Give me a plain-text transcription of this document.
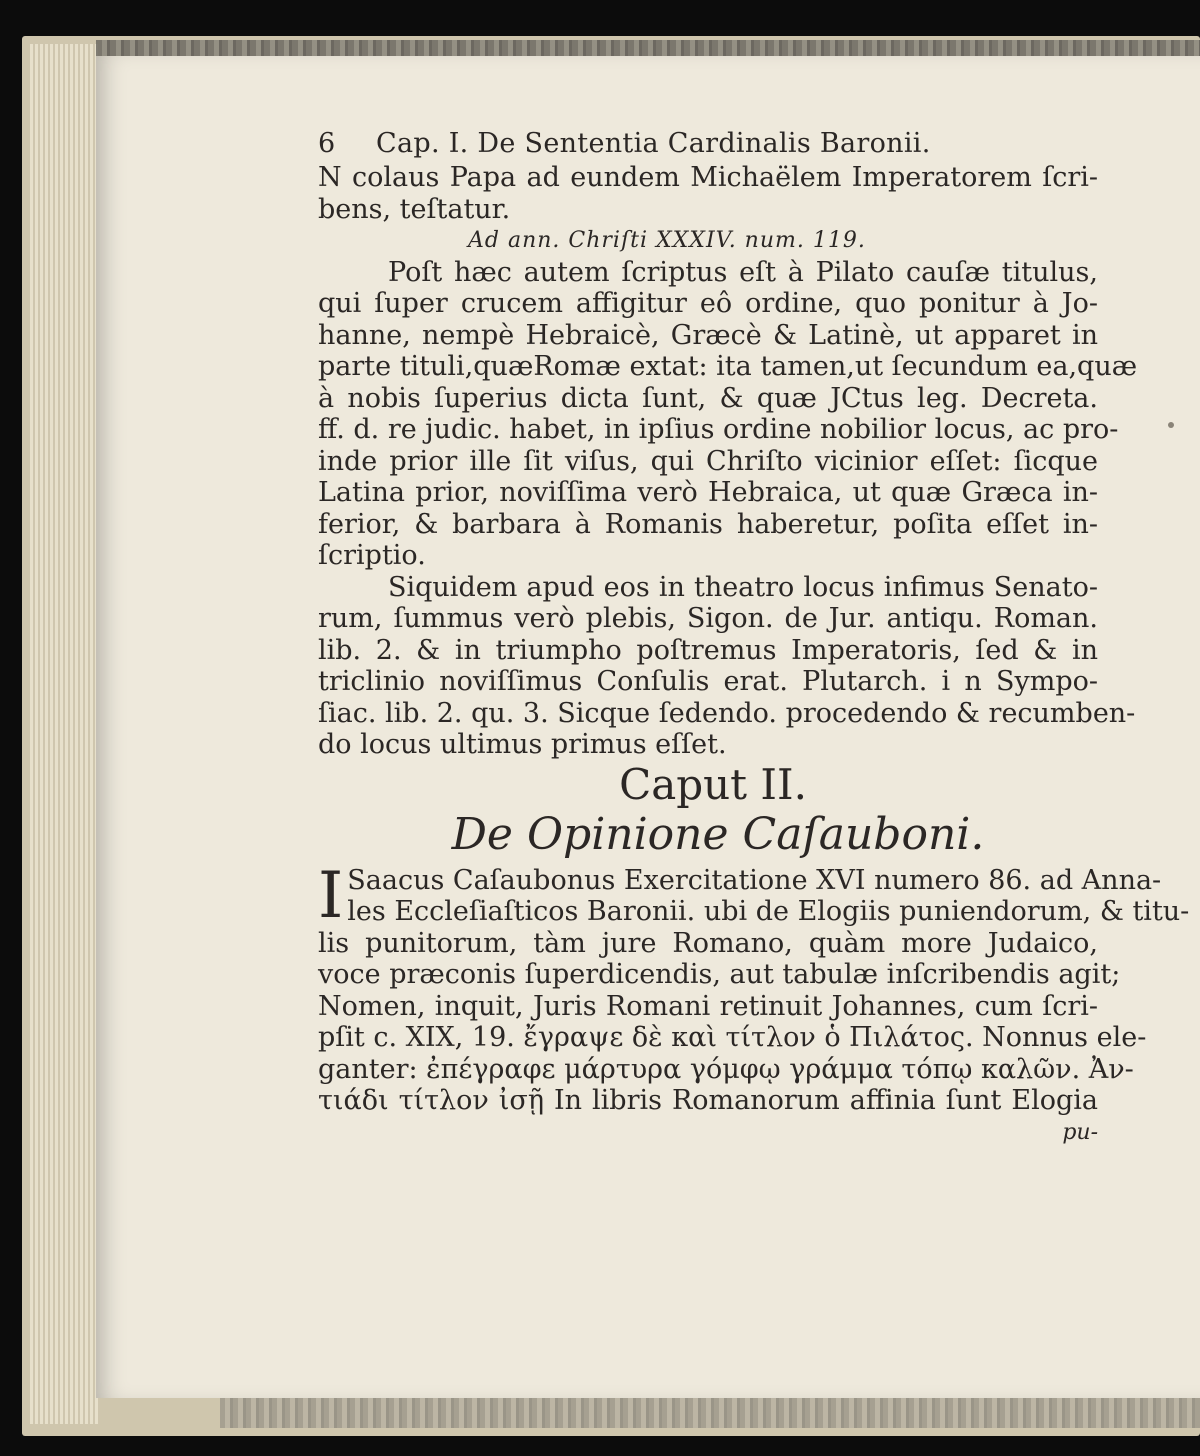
6	Cap. I. De Sententia Cardinalis Baronii.
N colaus Papa ad eundem Michaëlem Imperatorem ſcri-
bens, teſtatur.
Ad ann. Chriſti XXXIV. num. 119.
Poſt hæc autem ſcriptus eſt à Pilato cauſæ titulus,
qui ſuper crucem affigitur eô ordine, quo ponitur à Jo-
hanne, nempè Hebraicè, Græcè & Latinè, ut apparet in
parte tituli,quæRomæ extat: ita tamen,ut ſecundum ea,quæ
à nobis ſuperius dicta ſunt, & quæ JCtus leg. Decreta.
ff. d. re judic. habet, in ipſius ordine nobilior locus, ac pro-
inde prior ille ſit viſus, qui Chriſto vicinior eſſet: ſicque
Latina prior, noviſſima verò Hebraica, ut quæ Græca in-
ferior, & barbara à Romanis haberetur, poſita eſſet in-
ſcriptio.
Siquidem apud eos in theatro locus infimus Senato-
rum, ſummus verò plebis, Sigon. de Jur. antiqu. Roman.
lib. 2. & in triumpho poſtremus Imperatoris, ſed & in
triclinio noviſſimus Conſulis erat. Plutarch. i n Sympo-
ſiac. lib. 2. qu. 3. Sicque ſedendo. procedendo & recumben-
do locus ultimus primus eſſet.
Caput II.
De Opinione Caſauboni.
I Saacus Caſaubonus Exercitatione XVI numero 86. ad Anna-
les Eccleſiaſticos Baronii. ubi de Elogiis puniendorum, & titu-
lis punitorum, tàm jure Romano, quàm more Judaico,
voce præconis ſuperdicendis, aut tabulæ inſcribendis agit;
Nomen, inquit, Juris Romani retinuit Johannes, cum ſcri-
pſit c. XIX, 19. ἔγραψε δὲ καὶ τίτλον ὁ Πιλάτος. Nonnus ele-
ganter: ἐπέγραφε μάρτυρα γόμφῳ γράμμα τόπῳ καλῶν. Ἀν-
τιάδι τίτλον ἰσῇ In libris Romanorum affinia ſunt Elogia
pu-
